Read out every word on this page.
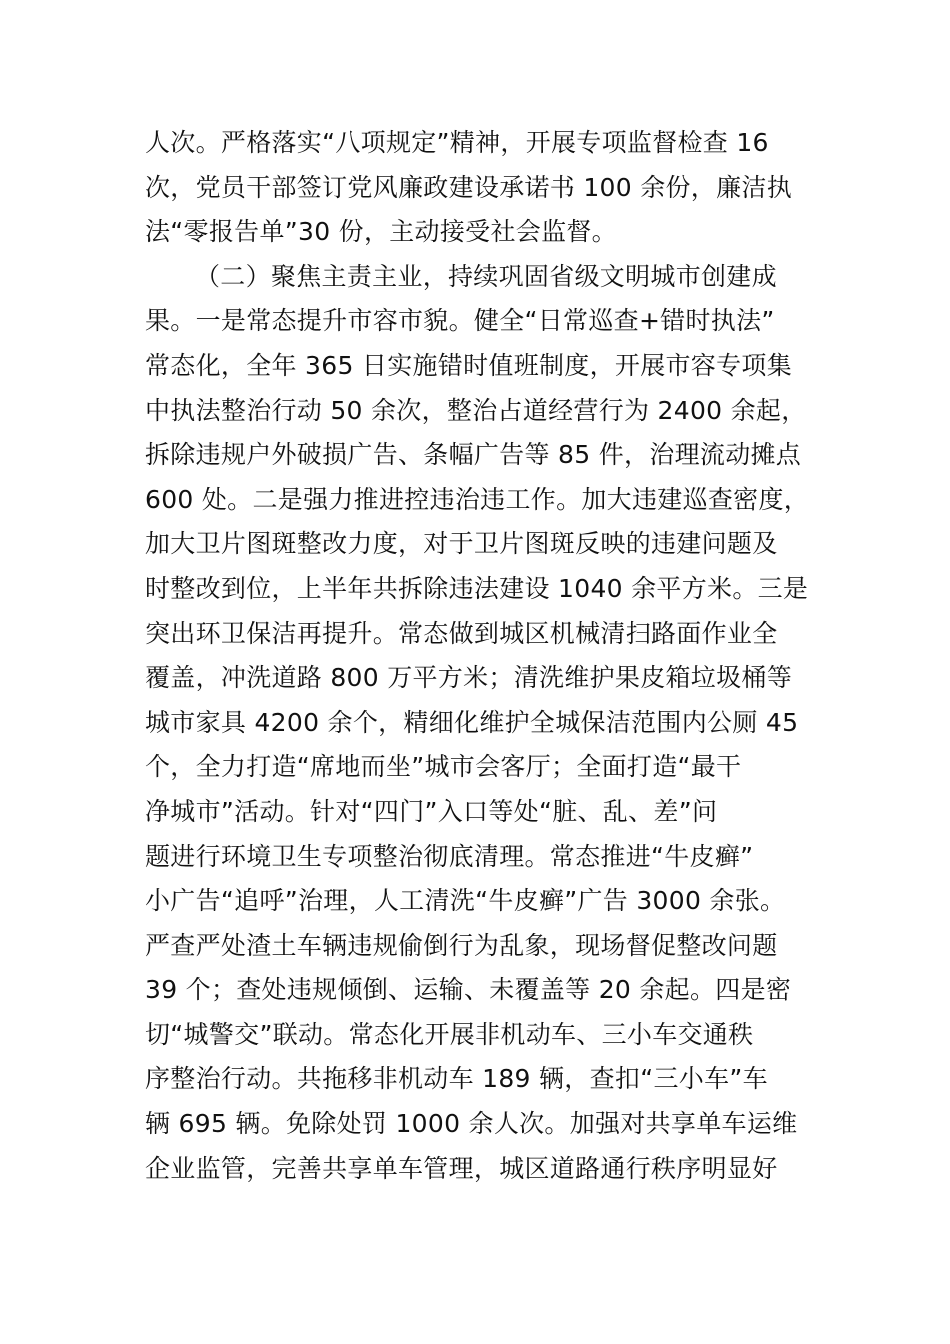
人次。严格落实“八项规定”精神，开展专项监督检查 16
次，党员干部签订党风廉政建设承诺书 100 余份，廉洁执
法“零报告单”30 份，主动接受社会监督。
（二）聚焦主责主业，持续巩固省级文明城市创建成
果。一是常态提升市容市貌。健全“日常巡查+错时执法”
常态化，全年 365 日实施错时值班制度，开展市容专项集
中执法整治行动 50 余次，整治占道经营行为 2400 余起，
拆除违规户外破损广告、条幅广告等 85 件，治理流动摊点
600 处。二是强力推进控违治违工作。加大违建巡查密度，
加大卫片图斑整改力度，对于卫片图斑反映的违建问题及
时整改到位，上半年共拆除违法建设 1040 余平方米。三是
突出环卫保洁再提升。常态做到城区机械清扫路面作业全
覆盖，冲洗道路 800 万平方米；清洗维护果皮箱垃圾桶等
城市家具 4200 余个，精细化维护全城保洁范围内公厕 45
个，全力打造“席地而坐”城市会客厅；全面打造“最干
净城市”活动。针对“四门”入口等处“脏、乱、差”问
题进行环境卫生专项整治彻底清理。常态推进“牛皮癣”
小广告“追呼”治理，人工清洗“牛皮癣”广告 3000 余张。
严查严处渣土车辆违规偷倒行为乱象，现场督促整改问题
39 个；查处违规倾倒、运输、未覆盖等 20 余起。四是密
切“城警交”联动。常态化开展非机动车、三小车交通秩
序整治行动。共拖移非机动车 189 辆，查扣“三小车”车
辆 695 辆。免除处罚 1000 余人次。加强对共享单车运维
企业监管，完善共享单车管理，城区道路通行秩序明显好
